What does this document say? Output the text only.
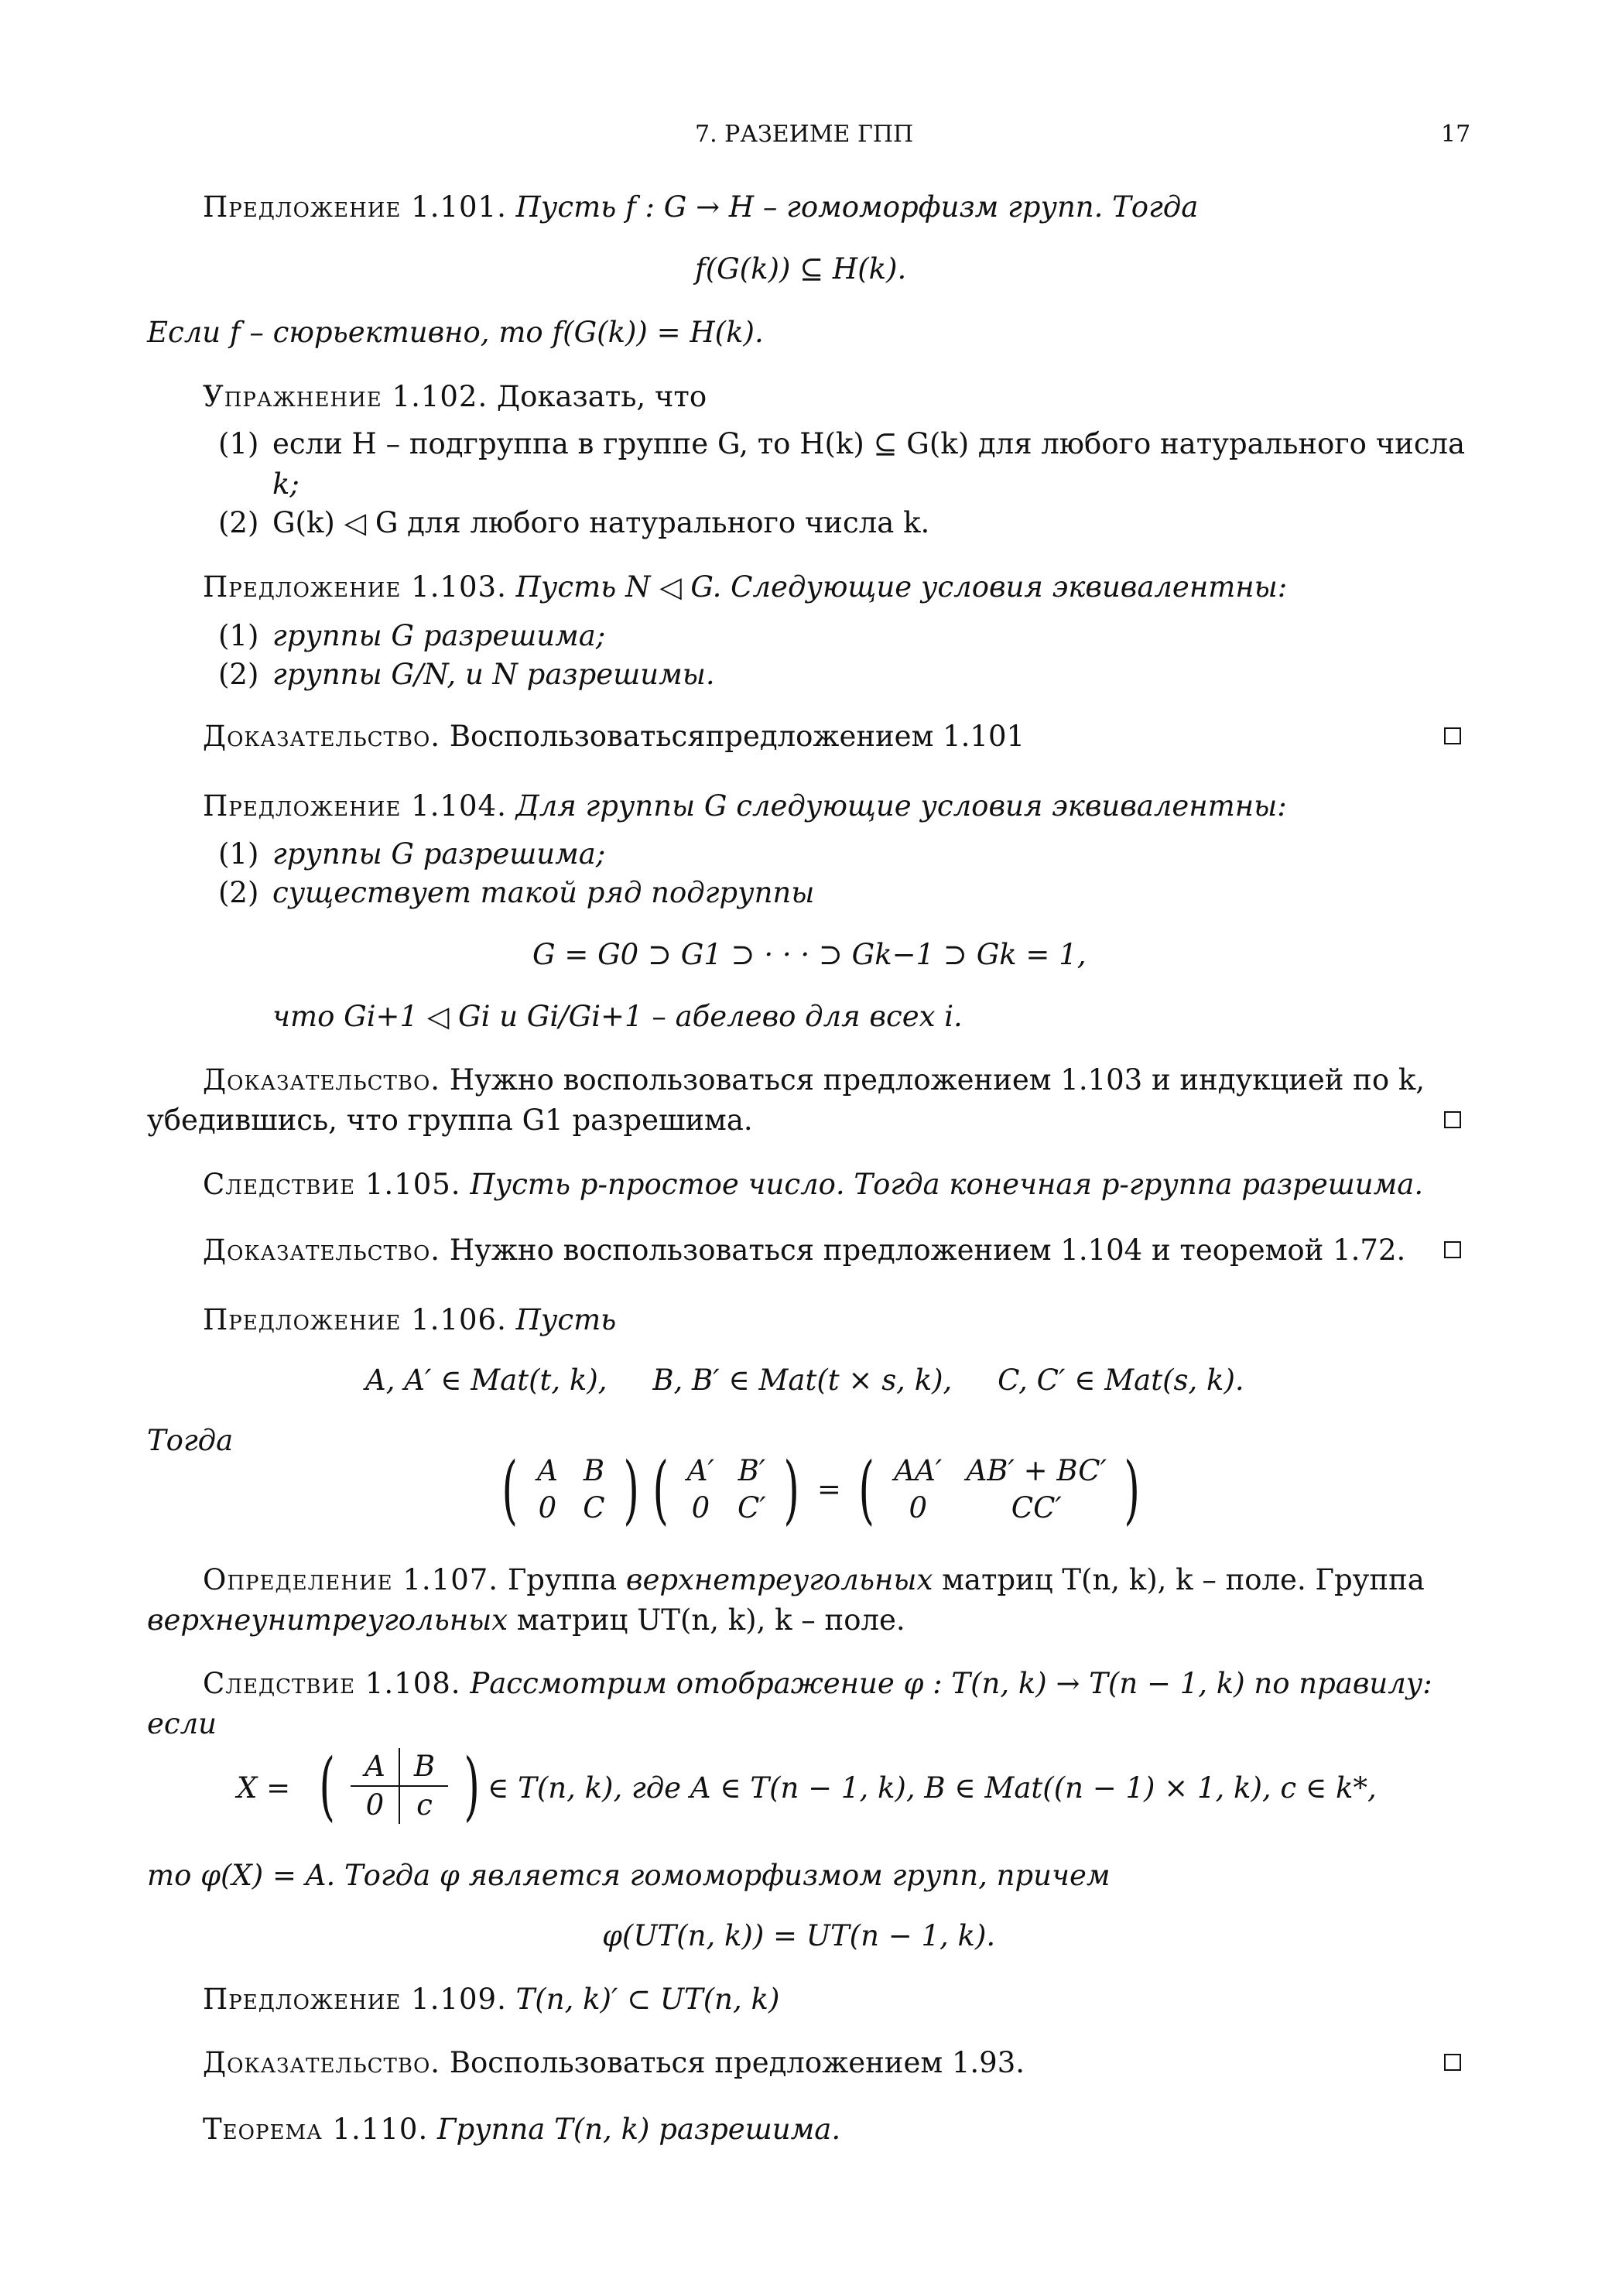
7. РАЗЕИМЕ ГПП	17
Предложение 1.101. Пусть f : G → H – гомоморфизм групп. Тогда
f(G(k)) ⊆ H(k).
Если f – сюрьективно, то f(G(k)) = H(k).
Упражнение 1.102. Доказать, что
(1) если H – подгруппа в группе G, то H(k) ⊆ G(k) для любого натурального числа
k;
(2) G(k) ◁ G для любого натурального числа k.
Предложение 1.103. Пусть N ◁ G. Следующие условия эквивалентны:
(1) группы G разрешима;
(2) группы G/N, и N разрешимы.
Доказательство. Воспользоватьсяпредложением 1.101
Предложение 1.104. Для группы G следующие условия эквивалентны:
(1) группы G разрешима;
(2) существует такой ряд подгруппы
G = G0 ⊃ G1 ⊃ · · · ⊃ Gk−1 ⊃ Gk = 1,
что Gi+1 ◁ Gi и Gi/Gi+1 – абелево для всех i.
Доказательство. Нужно воспользоваться предложением 1.103 и индукцией по k,
убедившись, что группа G1 разрешима.
Следствие 1.105. Пусть p-простое число. Тогда конечная p-группа разрешима.
Доказательство. Нужно воспользоваться предложением 1.104 и теоремой 1.72.
Предложение 1.106. Пусть
A, A′ ∈ Mat(t, k),     B, B′ ∈ Mat(t × s, k),     C, C′ ∈ Mat(s, k).
Тогда
( A B
0 C ) ( A′ B′
0 C′ ) = ( AA′ AB′ + BC′
0	CC′ )
Определение 1.107. Группа верхнетреугольных матриц T(n, k), k – поле. Группа
верхнеунитреугольных матриц UT(n, k), k – поле.
Следствие 1.108. Рассмотрим отображение φ : T(n, k) → T(n − 1, k) по правилу:
если
X = (	A B
0 c ) ∈ T(n, k), где A ∈ T(n − 1, k), B ∈ Mat((n − 1) × 1, k), c ∈ k*,
то φ(X) = A. Тогда φ является гомоморфизмом групп, причем
φ(UT(n, k)) = UT(n − 1, k).
Предложение 1.109. T(n, k)′ ⊂ UT(n, k)
Доказательство. Воспользоваться предложением 1.93.
Теорема 1.110. Группа T(n, k) разрешима.
